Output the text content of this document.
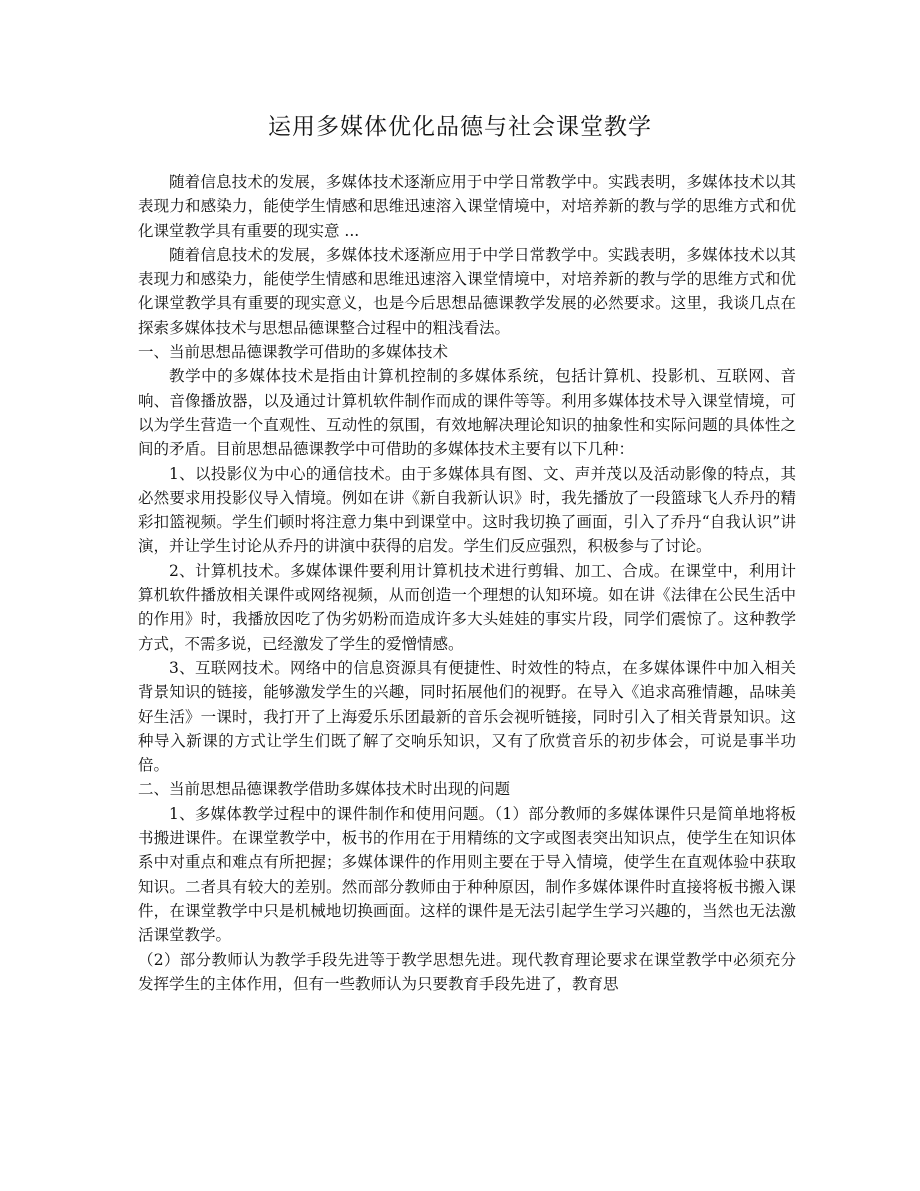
运用多媒体优化品德与社会课堂教学

随着信息技术的发展，多媒体技术逐渐应用于中学日常教学中。实践表明，多媒体技术以其表现力和感染力，能使学生情感和思维迅速溶入课堂情境中，对培养新的教与学的思维方式和优化课堂教学具有重要的现实意 ...

随着信息技术的发展，多媒体技术逐渐应用于中学日常教学中。实践表明，多媒体技术以其表现力和感染力，能使学生情感和思维迅速溶入课堂情境中，对培养新的教与学的思维方式和优化课堂教学具有重要的现实意义，也是今后思想品德课教学发展的必然要求。这里，我谈几点在探索多媒体技术与思想品德课整合过程中的粗浅看法。

一、当前思想品德课教学可借助的多媒体技术

教学中的多媒体技术是指由计算机控制的多媒体系统，包括计算机、投影机、互联网、音响、音像播放器，以及通过计算机软件制作而成的课件等等。利用多媒体技术导入课堂情境，可以为学生营造一个直观性、互动性的氛围，有效地解决理论知识的抽象性和实际问题的具体性之间的矛盾。目前思想品德课教学中可借助的多媒体技术主要有以下几种：

1、以投影仪为中心的通信技术。由于多媒体具有图、文、声并茂以及活动影像的特点，其必然要求用投影仪导入情境。例如在讲《新自我新认识》时，我先播放了一段篮球飞人乔丹的精彩扣篮视频。学生们顿时将注意力集中到课堂中。这时我切换了画面，引入了乔丹“自我认识”讲演，并让学生讨论从乔丹的讲演中获得的启发。学生们反应强烈，积极参与了讨论。

2、计算机技术。多媒体课件要利用计算机技术进行剪辑、加工、合成。在课堂中，利用计算机软件播放相关课件或网络视频，从而创造一个理想的认知环境。如在讲《法律在公民生活中的作用》时，我播放因吃了伪劣奶粉而造成许多大头娃娃的事实片段，同学们震惊了。这种教学方式，不需多说，已经激发了学生的爱憎情感。

3、互联网技术。网络中的信息资源具有便捷性、时效性的特点，在多媒体课件中加入相关背景知识的链接，能够激发学生的兴趣，同时拓展他们的视野。在导入《追求高雅情趣，品味美好生活》一课时，我打开了上海爱乐乐团最新的音乐会视听链接，同时引入了相关背景知识。这种导入新课的方式让学生们既了解了交响乐知识，又有了欣赏音乐的初步体会，可说是事半功倍。

二、当前思想品德课教学借助多媒体技术时出现的问题

1、多媒体教学过程中的课件制作和使用问题。（1）部分教师的多媒体课件只是简单地将板书搬进课件。在课堂教学中，板书的作用在于用精练的文字或图表突出知识点，使学生在知识体系中对重点和难点有所把握；多媒体课件的作用则主要在于导入情境，使学生在直观体验中获取知识。二者具有较大的差别。然而部分教师由于种种原因，制作多媒体课件时直接将板书搬入课件，在课堂教学中只是机械地切换画面。这样的课件是无法引起学生学习兴趣的，当然也无法激活课堂教学。

（2）部分教师认为教学手段先进等于教学思想先进。现代教育理论要求在课堂教学中必须充分发挥学生的主体作用，但有一些教师认为只要教育手段先进了，教育思
